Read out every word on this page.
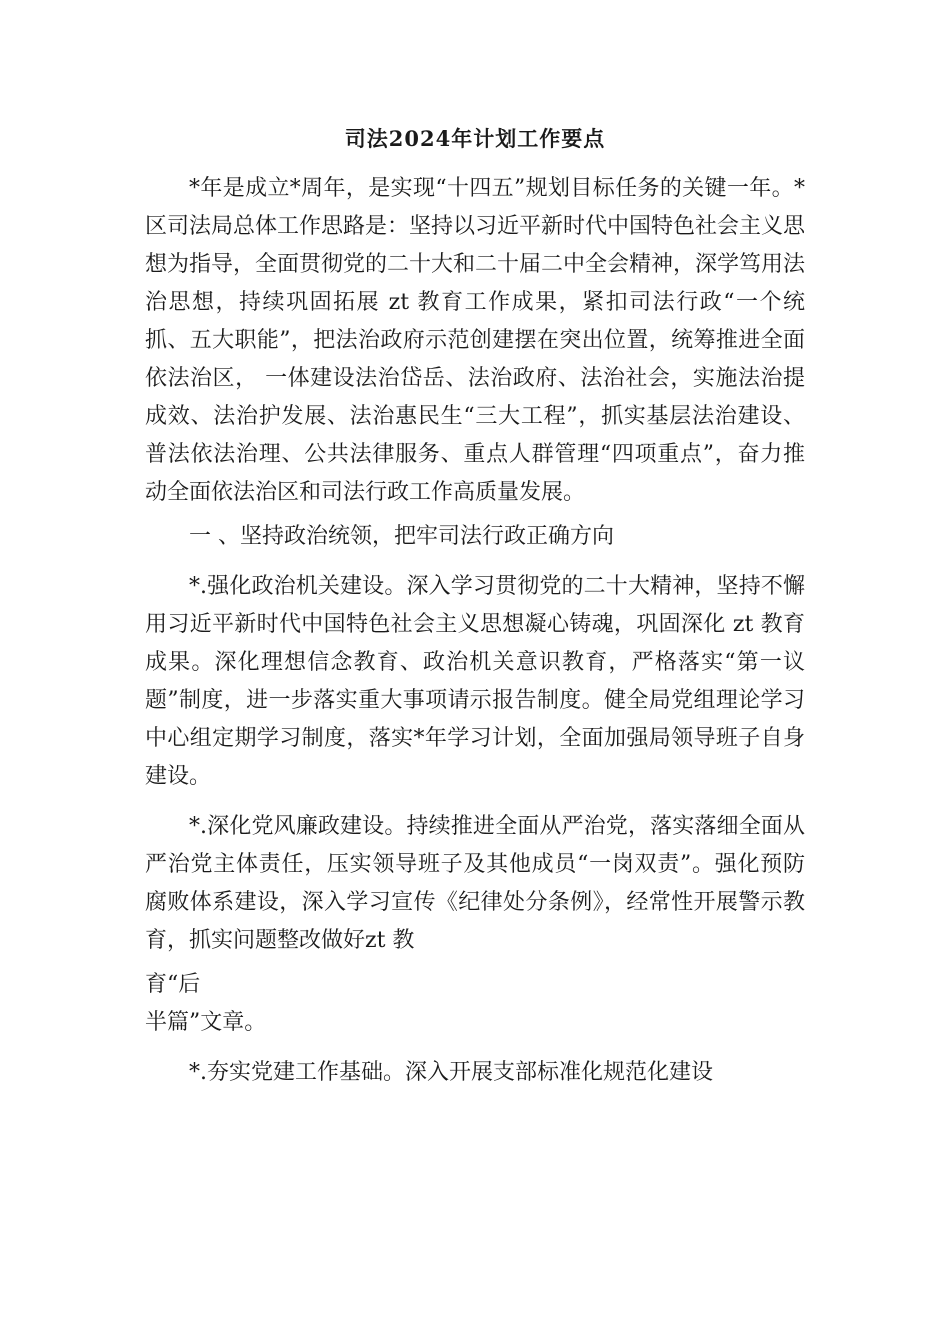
司法2024年计划工作要点

*年是成立*周年，是实现“十四五”规划目标任务的关键一年。*区司法局总体工作思路是：坚持以习近平新时代中国特色社会主义思想为指导，全面贯彻党的二十大和二十届二中全会精神，深学笃用法治思想，持续巩固拓展 zt 教育工作成果，紧扣司法行政“一个统抓、五大职能”，把法治政府示范创建摆在突出位置，统筹推进全面依法治区， 一体建设法治岱岳、法治政府、法治社会，实施法治提成效、法治护发展、法治惠民生“三大工程”，抓实基层法治建设、普法依法治理、公共法律服务、重点人群管理“四项重点”，奋力推动全面依法治区和司法行政工作高质量发展。

一 、坚持政治统领，把牢司法行政正确方向

*.强化政治机关建设。深入学习贯彻党的二十大精神，坚持不懈用习近平新时代中国特色社会主义思想凝心铸魂，巩固深化 zt 教育成果。深化理想信念教育、政治机关意识教育，严格落实“第一议题”制度，进一步落实重大事项请示报告制度。健全局党组理论学习中心组定期学习制度，落实*年学习计划，全面加强局领导班子自身建设。

*.深化党风廉政建设。持续推进全面从严治党，落实落细全面从严治党主体责任，压实领导班子及其他成员“一岗双责”。强化预防腐败体系建设，深入学习宣传《纪律处分条例》，经常性开展警示教育，抓实问题整改做好zt 教

育“后

半篇”文章。

*.夯实党建工作基础。深入开展支部标准化规范化建设
